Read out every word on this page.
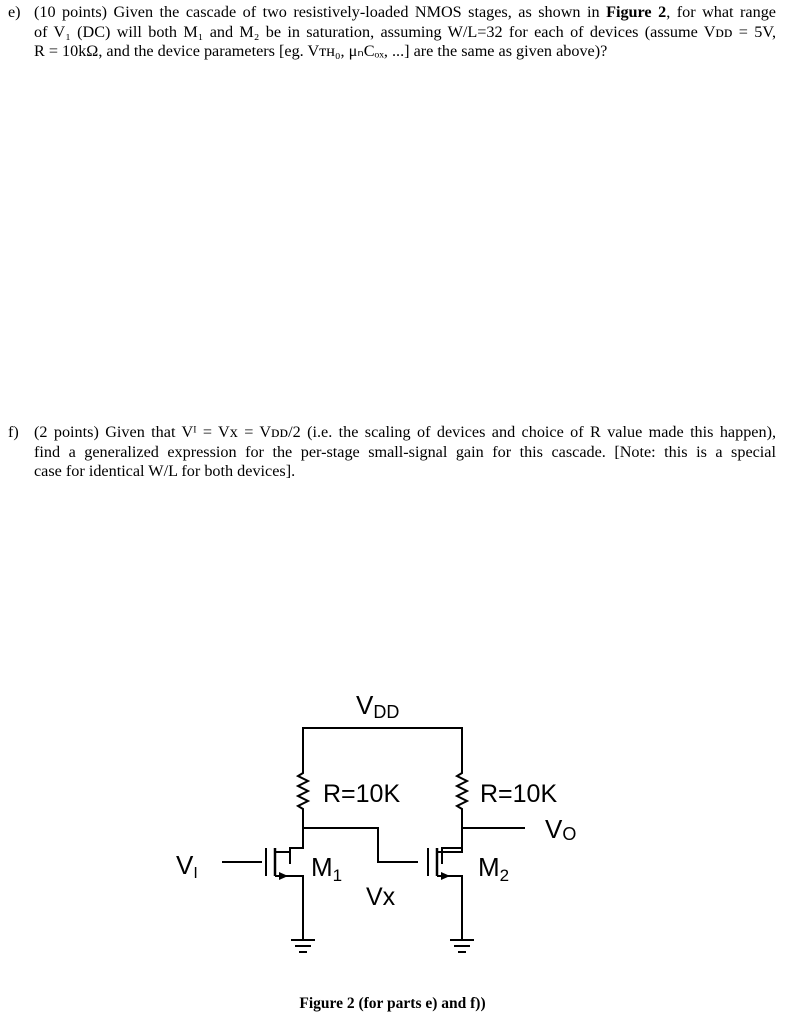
e) (10 points) Given the cascade of two resistively-loaded NMOS stages, as shown in Figure 2, for what range
of V₁ (DC) will both M₁ and M₂ be in saturation, assuming W/L=32 for each of devices (assume Vᴅᴅ = 5V,
R = 10kΩ, and the device parameters [eg. Vᴛʜ₀, μₙCₒₓ, ...] are the same as given above)?
f) (2 points) Given that Vᴵ = Vx = Vᴅᴅ/2 (i.e. the scaling of devices and choice of R value made this happen),
find a generalized expression for the per-stage small-signal gain for this cascade. [Note: this is a special
case for identical W/L for both devices].
VDD
R=10K	R=10K
VO
VI	M1	M2
Vx
Figure 2 (for parts e) and f))
